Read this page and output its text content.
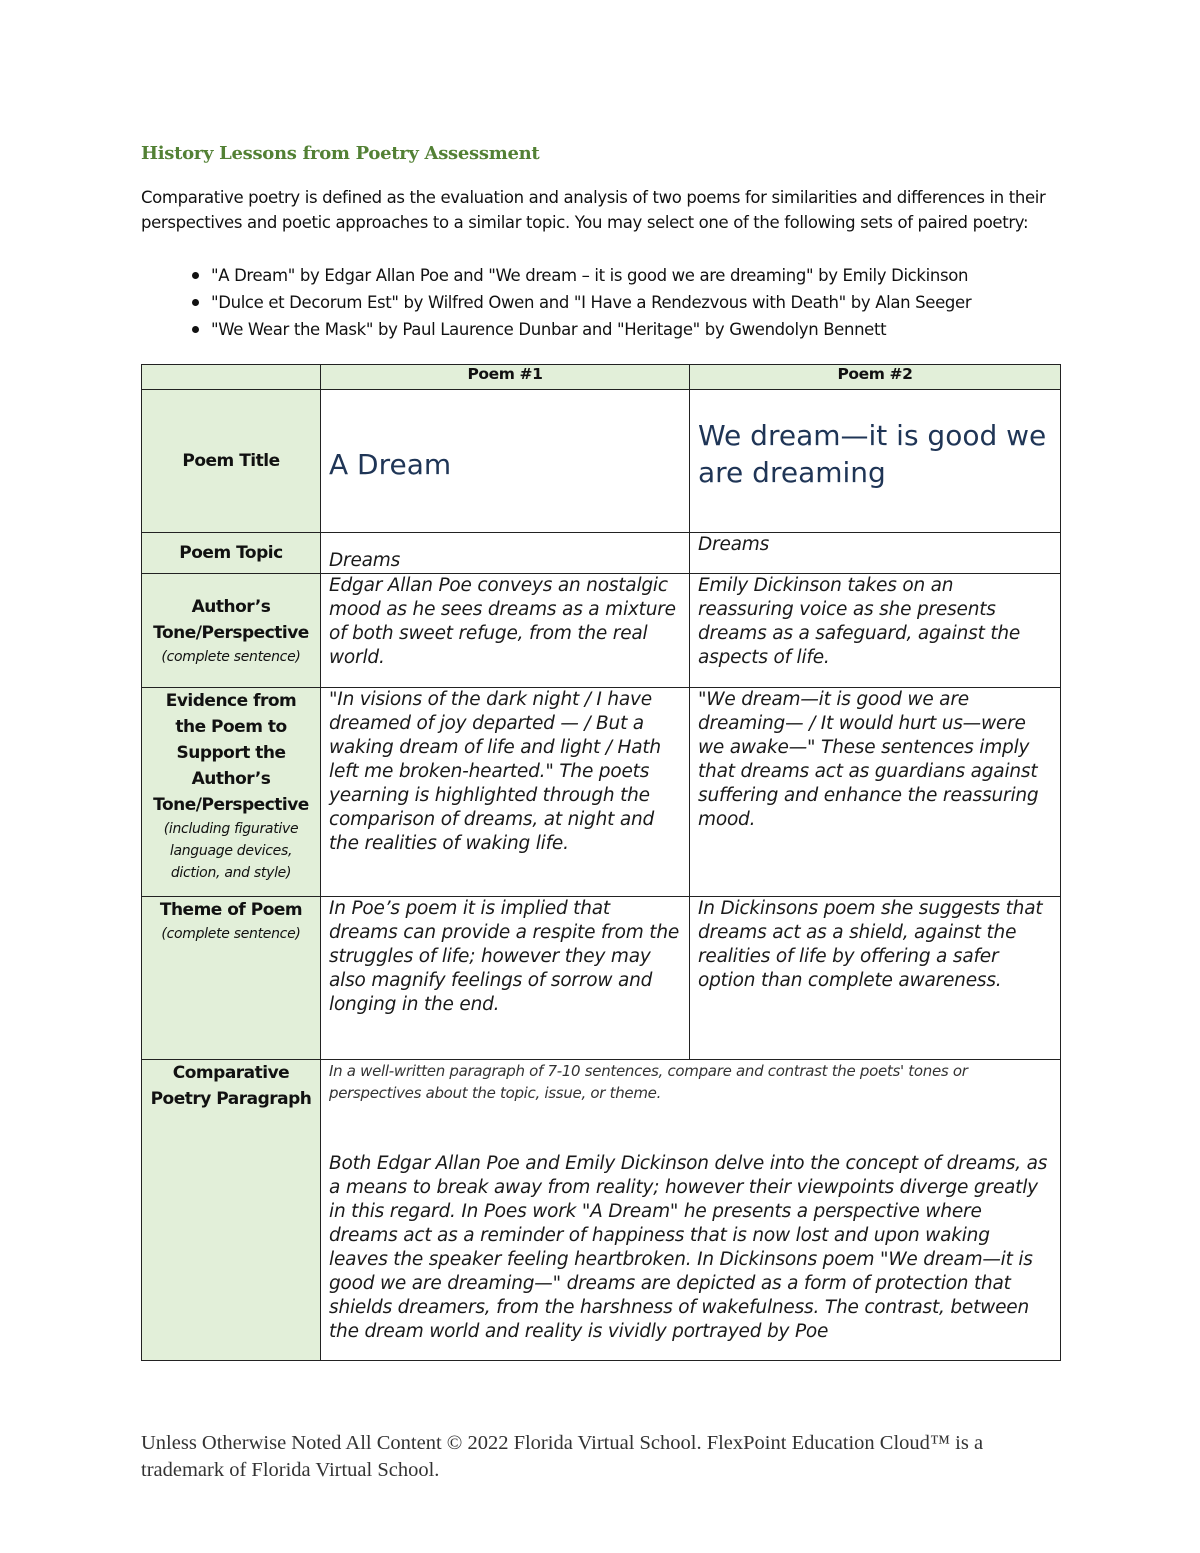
History Lessons from Poetry Assessment

Comparative poetry is defined as the evaluation and analysis of two poems for similarities and differences in their perspectives and poetic approaches to a similar topic. You may select one of the following sets of paired poetry:

"A Dream" by Edgar Allan Poe and "We dream – it is good we are dreaming" by Emily Dickinson
"Dulce et Decorum Est" by Wilfred Owen and "I Have a Rendezvous with Death" by Alan Seeger
"We Wear the Mask" by Paul Laurence Dunbar and "Heritage" by Gwendolyn Bennett
	Poem #1	Poem #2
Poem Title	A Dream	We dream—it is good we are dreaming

Poem Topic	Dreams	Dreams

Author’s Tone/Perspective
(complete sentence)	Edgar Allan Poe conveys an nostalgic mood as he sees dreams as a mixture of both sweet refuge, from the real world.	Emily Dickinson takes on an reassuring voice as she presents dreams as a safeguard, against the aspects of life.

Evidence from the Poem to Support the Author’s Tone/Perspective
(including figurative language devices, diction, and style)	"In visions of the dark night / I have dreamed of joy departed — / But a waking dream of life and light / Hath left me broken-hearted." The poets yearning is highlighted through the comparison of dreams, at night and the realities of waking life.	"We dream—it is good we are dreaming— / It would hurt us—were we awake—" These sentences imply that dreams act as guardians against suffering and enhance the reassuring mood.

Theme of Poem
(complete sentence)	In Poe’s poem it is implied that dreams can provide a respite from the struggles of life; however they may also magnify feelings of sorrow and longing in the end.	In Dickinsons poem she suggests that dreams act as a shield, against the realities of life by offering a safer option than complete awareness.

Comparative Poetry Paragraph	In a well-written paragraph of 7-10 sentences, compare and contrast the poets' tones or perspectives about the topic, issue, or theme.

Both Edgar Allan Poe and Emily Dickinson delve into the concept of dreams, as a means to break away from reality; however their viewpoints diverge greatly in this regard. In Poes work "A Dream" he presents a perspective where dreams act as a reminder of happiness that is now lost and upon waking leaves the speaker feeling heartbroken. In Dickinsons poem "We dream—it is good we are dreaming—" dreams are depicted as a form of protection that shields dreamers, from the harshness of wakefulness. The contrast, between the dream world and reality is vividly portrayed by Poe	

Unless Otherwise Noted All Content © 2022 Florida Virtual School. FlexPoint Education Cloud™ is a trademark of Florida Virtual School.
